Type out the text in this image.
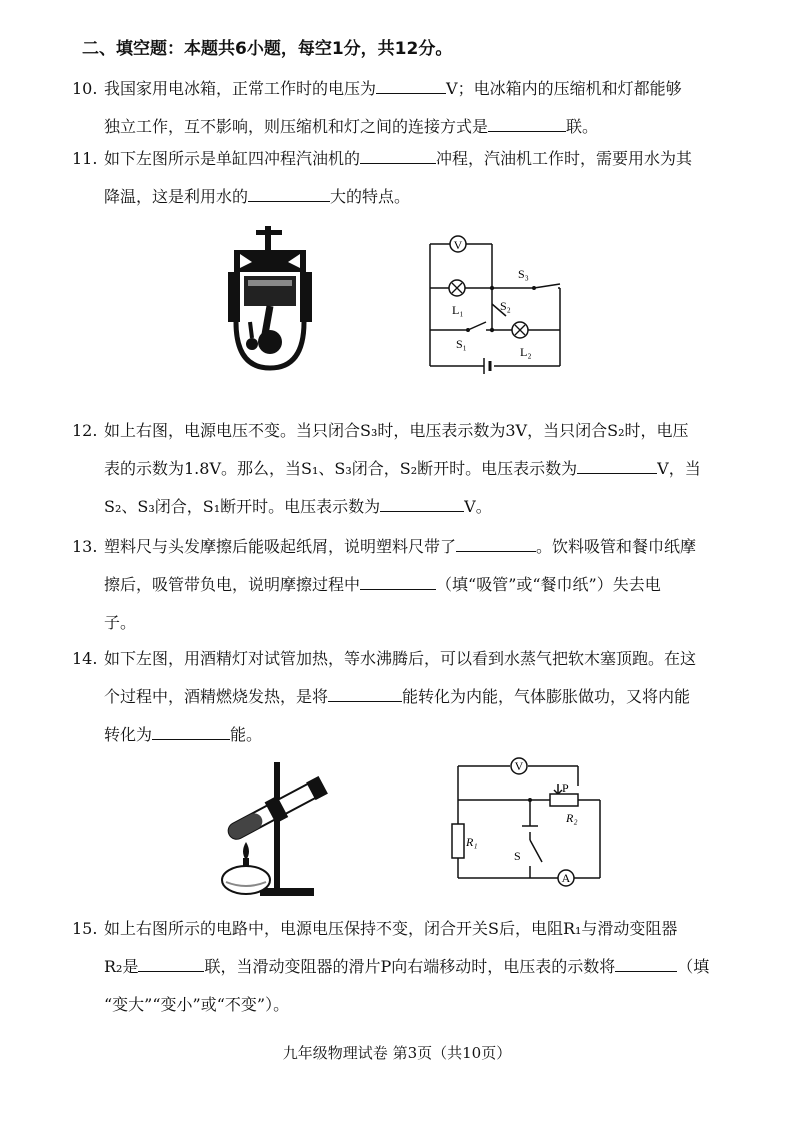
二、填空题：本题共6小题，每空1分，共12分。
10. 我国家用电冰箱，正常工作时的电压为	V；电冰箱内的压缩机和灯都能够
独立工作，互不影响，则压缩机和灯之间的连接方式是	联。
11. 如下左图所示是单缸四冲程汽油机的	冲程，汽油机工作时，需要用水为其
降温，这是利用水的	大的特点。
V
S₃
S₂
L₁
S₁
L₂
12. 如上右图，电源电压不变。当只闭合S₃时，电压表示数为3V，当只闭合S₂时，电压
表的示数为1.8V。那么，当S₁、S₃闭合，S₂断开时。电压表示数为	V，当
S₂、S₃闭合，S₁断开时。电压表示数为	V。
13. 塑料尺与头发摩擦后能吸起纸屑，说明塑料尺带了	。饮料吸管和餐巾纸摩
擦后，吸管带负电，说明摩擦过程中	（填“吸管”或“餐巾纸”）失去电
子。
14. 如下左图，用酒精灯对试管加热，等水沸腾后，可以看到水蒸气把软木塞顶跑。在这
个过程中，酒精燃烧发热，是将	能转化为内能，气体膨胀做功，又将内能
转化为	能。
V
A
P
R₂
R₁
S
15. 如上右图所示的电路中，电源电压保持不变，闭合开关S后，电阻R₁与滑动变阻器
R₂是	联，当滑动变阻器的滑片P向右端移动时，电压表的示数将	（填
“变大”“变小”或“不变”）。
九年级物理试卷 第3页（共10页）
